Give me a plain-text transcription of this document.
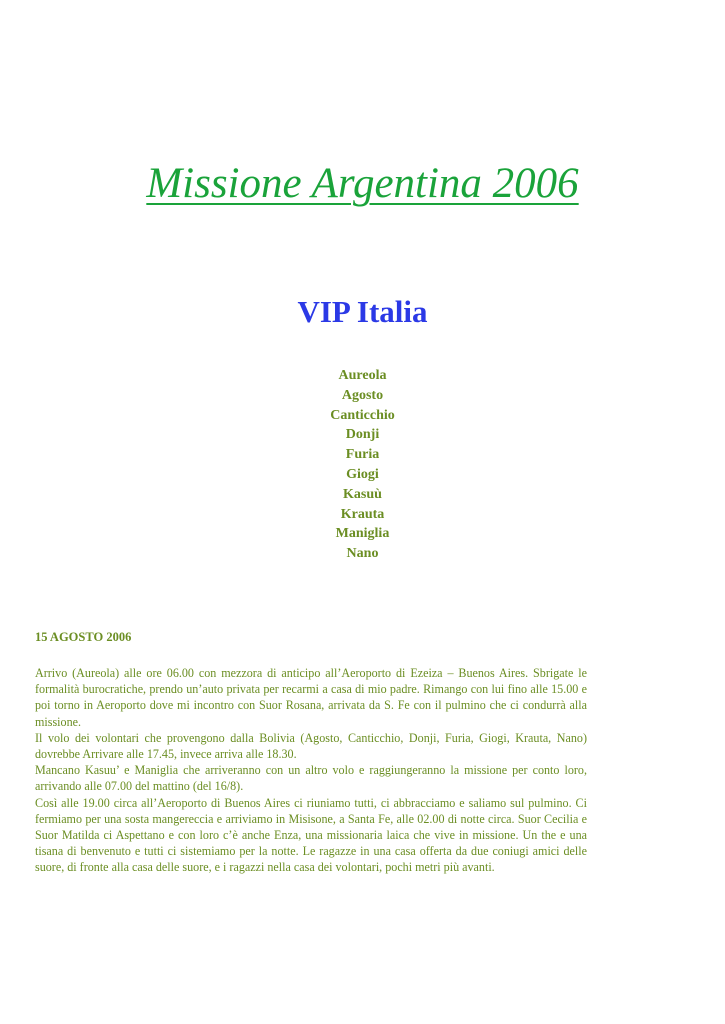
Missione Argentina 2006
VIP Italia
Aureola
Agosto
Canticchio
Donji
Furia
Giogi
Kasuù
Krauta
Maniglia
Nano
15 AGOSTO 2006

Arrivo (Aureola) alle ore 06.00 con mezzora di anticipo all’Aeroporto di Ezeiza – Buenos Aires. Sbrigate le formalità burocratiche, prendo un’auto privata per recarmi a casa di mio padre. Rimango con lui fino alle 15.00 e poi torno in Aeroporto dove mi incontro con Suor Rosana, arrivata da S. Fe con il pulmino che ci condurrà alla missione.

Il volo dei volontari che provengono dalla Bolivia (Agosto, Canticchio, Donji, Furia, Giogi, Krauta, Nano) dovrebbe Arrivare alle 17.45, invece arriva alle 18.30.

Mancano Kasuu’ e Maniglia che arriveranno con un altro volo e raggiungeranno la missione per conto loro, arrivando alle 07.00 del mattino (del 16/8).

Così alle 19.00 circa all’Aeroporto di Buenos Aires ci riuniamo tutti, ci abbracciamo e saliamo sul pulmino. Ci fermiamo per una sosta mangereccia e arriviamo in Misisone, a Santa Fe, alle 02.00 di notte circa. Suor Cecilia e Suor Matilda ci Aspettano e con loro c’è anche Enza, una missionaria laica che vive in missione. Un the e una tisana di benvenuto e tutti ci sistemiamo per la notte. Le ragazze in una casa offerta da due coniugi amici delle suore, di fronte alla casa delle suore, e i ragazzi nella casa dei volontari, pochi metri più avanti.
